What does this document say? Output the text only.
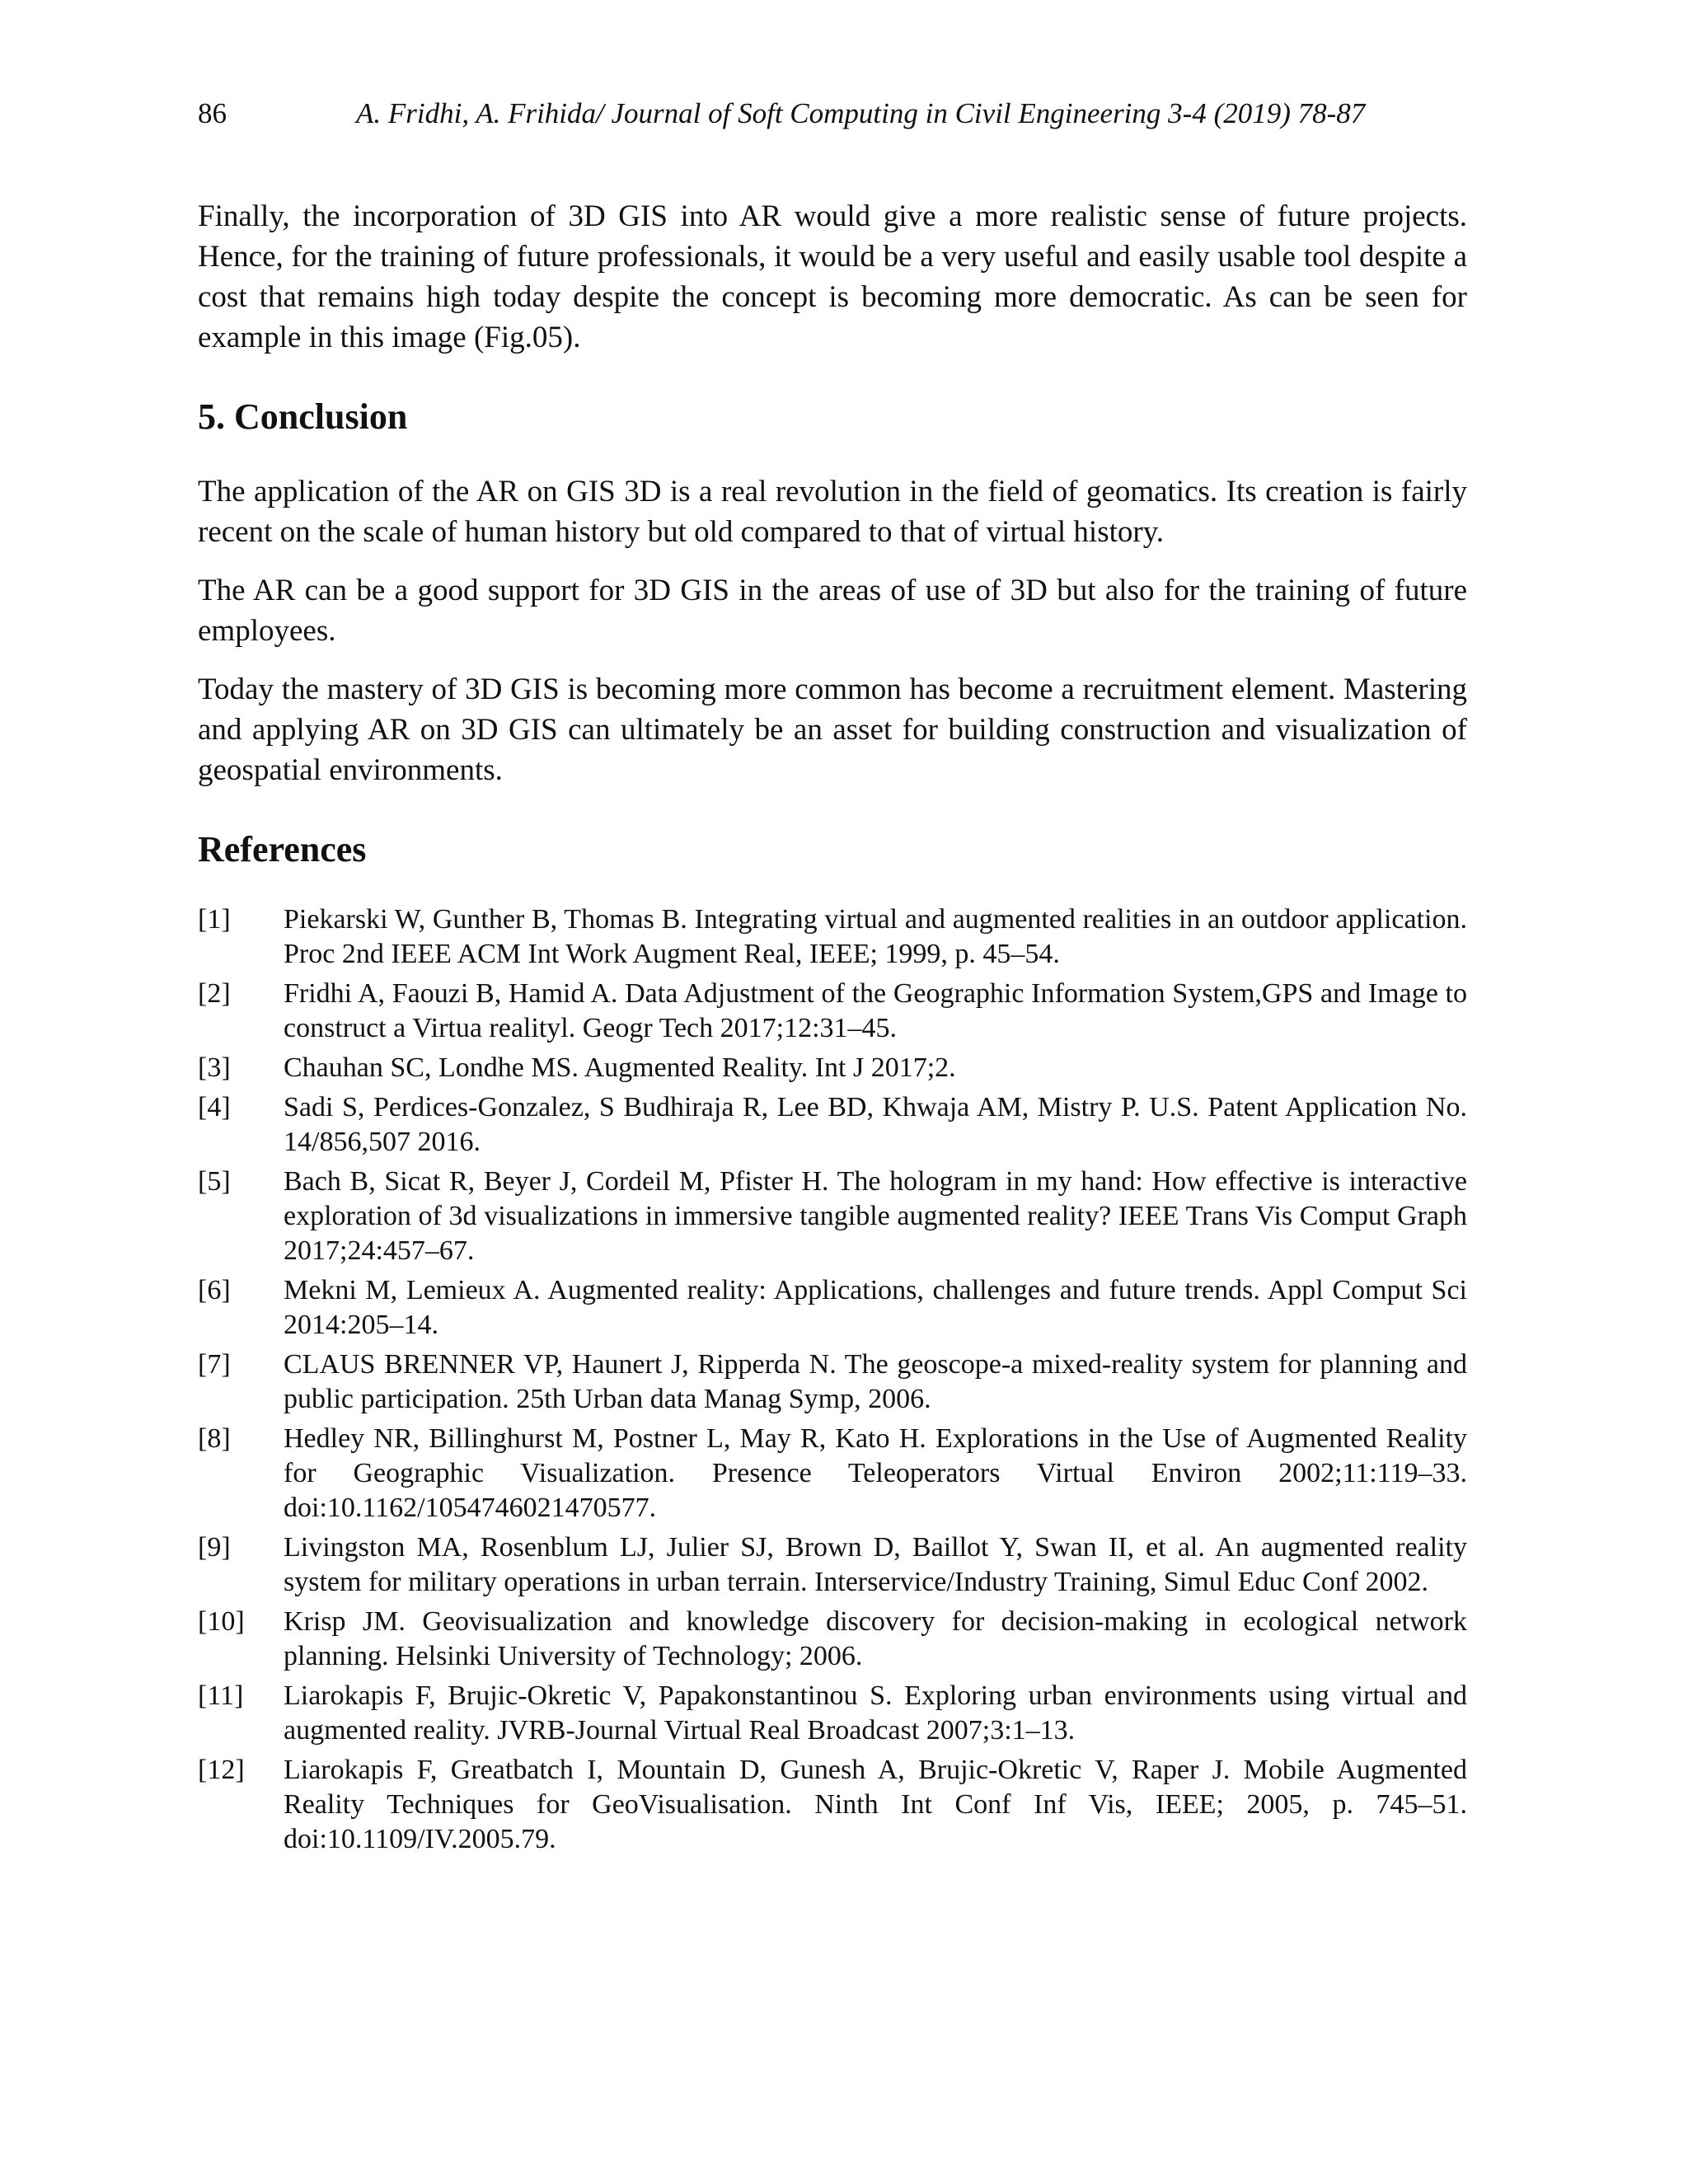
86	A. Fridhi, A. Frihida/ Journal of Soft Computing in Civil Engineering 3-4 (2019) 78-87

Finally, the incorporation of 3D GIS into AR would give a more realistic sense of future projects. Hence, for the training of future professionals, it would be a very useful and easily usable tool despite a cost that remains high today despite the concept is becoming more democratic. As can be seen for example in this image (Fig.05).

5. Conclusion

The application of the AR on GIS 3D is a real revolution in the field of geomatics. Its creation is fairly recent on the scale of human history but old compared to that of virtual history.

The AR can be a good support for 3D GIS in the areas of use of 3D but also for the training of future employees.

Today the mastery of 3D GIS is becoming more common has become a recruitment element. Mastering and applying AR on 3D GIS can ultimately be an asset for building construction and visualization of geospatial environments.

References
[1]	Piekarski W, Gunther B, Thomas B. Integrating virtual and augmented realities in an outdoor application. Proc 2nd IEEE ACM Int Work Augment Real, IEEE; 1999, p. 45–54.
[2]	Fridhi A, Faouzi B, Hamid A. Data Adjustment of the Geographic Information System,GPS and Image to construct a Virtua realityl. Geogr Tech 2017;12:31–45.
[3]	Chauhan SC, Londhe MS. Augmented Reality. Int J 2017;2.
[4]	Sadi S, Perdices-Gonzalez, S Budhiraja R, Lee BD, Khwaja AM, Mistry P. U.S. Patent Application No. 14/856,507 2016.
[5]	Bach B, Sicat R, Beyer J, Cordeil M, Pfister H. The hologram in my hand: How effective is interactive exploration of 3d visualizations in immersive tangible augmented reality? IEEE Trans Vis Comput Graph 2017;24:457–67.
[6]	Mekni M, Lemieux A. Augmented reality: Applications, challenges and future trends. Appl Comput Sci 2014:205–14.
[7]	CLAUS BRENNER VP, Haunert J, Ripperda N. The geoscope-a mixed-reality system for planning and public participation. 25th Urban data Manag Symp, 2006.
[8]	Hedley NR, Billinghurst M, Postner L, May R, Kato H. Explorations in the Use of Augmented Reality for Geographic Visualization. Presence Teleoperators Virtual Environ 2002;11:119–33. doi:10.1162/1054746021470577.
[9]	Livingston MA, Rosenblum LJ, Julier SJ, Brown D, Baillot Y, Swan II, et al. An augmented reality system for military operations in urban terrain. Interservice/Industry Training, Simul Educ Conf 2002.
[10]	Krisp JM. Geovisualization and knowledge discovery for decision-making in ecological network planning. Helsinki University of Technology; 2006.
[11]	Liarokapis F, Brujic-Okretic V, Papakonstantinou S. Exploring urban environments using virtual and augmented reality. JVRB-Journal Virtual Real Broadcast 2007;3:1–13.
[12]	Liarokapis F, Greatbatch I, Mountain D, Gunesh A, Brujic-Okretic V, Raper J. Mobile Augmented Reality Techniques for GeoVisualisation. Ninth Int Conf Inf Vis, IEEE; 2005, p. 745–51. doi:10.1109/IV.2005.79.
